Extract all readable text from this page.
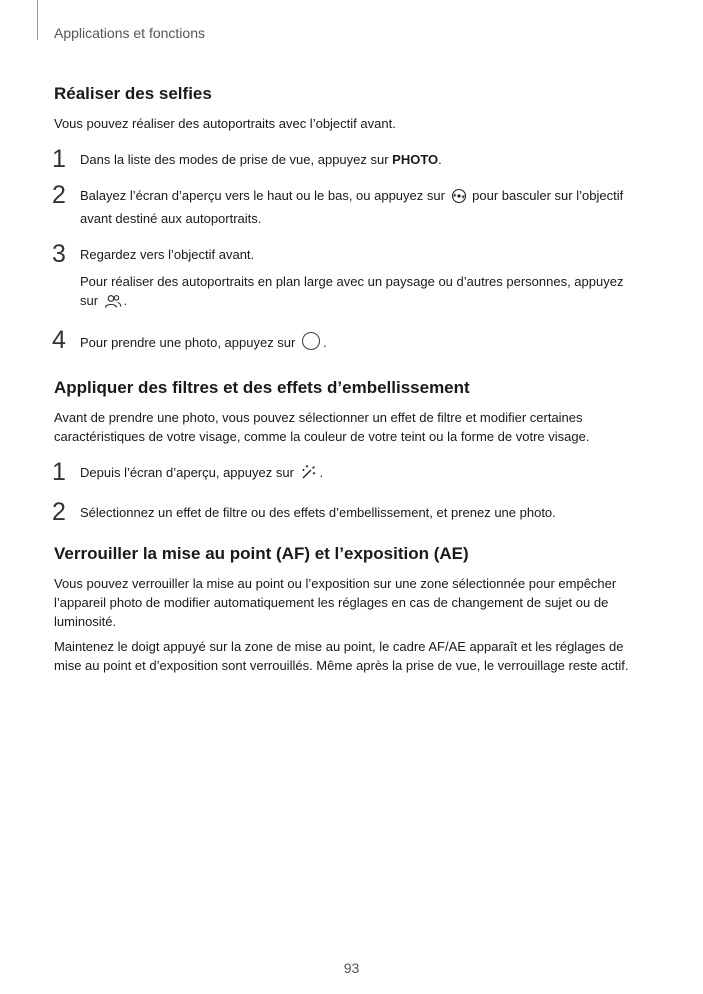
Applications et fonctions
Réaliser des selfies

Vous pouvez réaliser des autoportraits avec l’objectif avant.

1 Dans la liste des modes de prise de vue, appuyez sur PHOTO.

2 Balayez l’écran d’aperçu vers le haut ou le bas, ou appuyez sur  pour basculer sur l’objectif
avant destiné aux autoportraits.

3 Regardez vers l’objectif avant.

Pour réaliser des autoportraits en plan large avec un paysage ou d’autres personnes, appuyez
sur .

4 Pour prendre une photo, appuyez sur .

Appliquer des filtres et des effets d’embellissement

Avant de prendre une photo, vous pouvez sélectionner un effet de filtre et modifier certaines
caractéristiques de votre visage, comme la couleur de votre teint ou la forme de votre visage.

1 Depuis l’écran d’aperçu, appuyez sur .

2 Sélectionnez un effet de filtre ou des effets d’embellissement, et prenez une photo.

Verrouiller la mise au point (AF) et l’exposition (AE)

Vous pouvez verrouiller la mise au point ou l’exposition sur une zone sélectionnée pour empêcher
l’appareil photo de modifier automatiquement les réglages en cas de changement de sujet ou de
luminosité.

Maintenez le doigt appuyé sur la zone de mise au point, le cadre AF/AE apparaît et les réglages de
mise au point et d’exposition sont verrouillés. Même après la prise de vue, le verrouillage reste actif.

93
